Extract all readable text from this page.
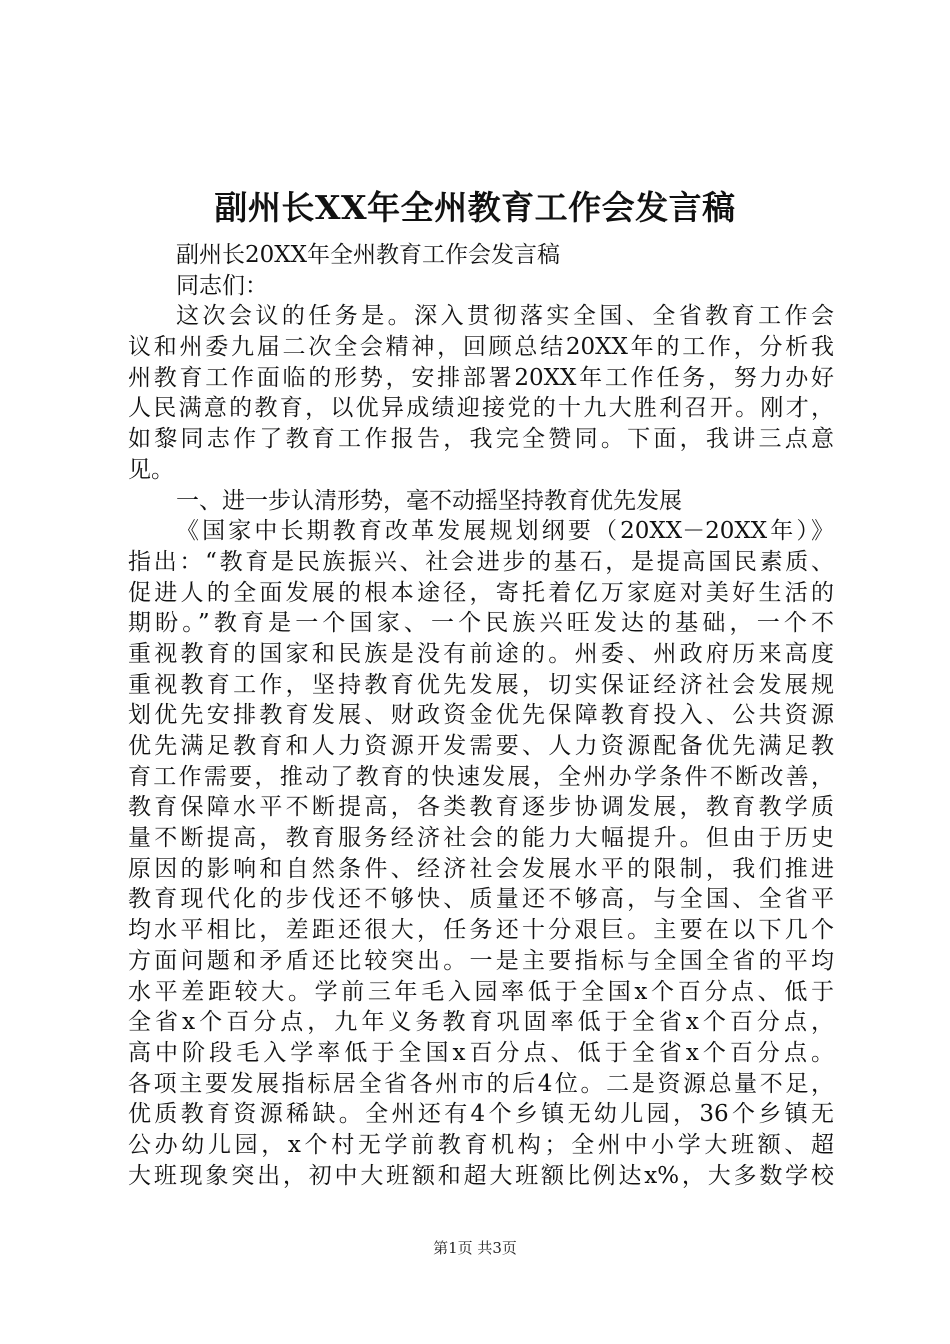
副州长XX年全州教育工作会发言稿
副州长20XX年全州教育工作会发言稿
同志们：
这次会议的任务是。深入贯彻落实全国、全省教育工作会
议和州委九届二次全会精神，回顾总结20XX年的工作，分析我
州教育工作面临的形势，安排部署20XX年工作任务，努力办好
人民满意的教育，以优异成绩迎接党的十九大胜利召开。刚才，
如黎同志作了教育工作报告，我完全赞同。下面，我讲三点意
见。
一、进一步认清形势，毫不动摇坚持教育优先发展
《国家中长期教育改革发展规划纲要（20XX－20XX年）》
指出：“教育是民族振兴、社会进步的基石，是提高国民素质、
促进人的全面发展的根本途径，寄托着亿万家庭对美好生活的
期盼。”教育是一个国家、一个民族兴旺发达的基础，一个不
重视教育的国家和民族是没有前途的。州委、州政府历来高度
重视教育工作，坚持教育优先发展，切实保证经济社会发展规
划优先安排教育发展、财政资金优先保障教育投入、公共资源
优先满足教育和人力资源开发需要、人力资源配备优先满足教
育工作需要，推动了教育的快速发展，全州办学条件不断改善，
教育保障水平不断提高，各类教育逐步协调发展，教育教学质
量不断提高，教育服务经济社会的能力大幅提升。但由于历史
原因的影响和自然条件、经济社会发展水平的限制，我们推进
教育现代化的步伐还不够快、质量还不够高，与全国、全省平
均水平相比，差距还很大，任务还十分艰巨。主要在以下几个
方面问题和矛盾还比较突出。一是主要指标与全国全省的平均
水平差距较大。学前三年毛入园率低于全国x个百分点、低于
全省x个百分点，九年义务教育巩固率低于全省x个百分点，
高中阶段毛入学率低于全国x百分点、低于全省x个百分点。
各项主要发展指标居全省各州市的后4位。二是资源总量不足，
优质教育资源稀缺。全州还有4个乡镇无幼儿园，36个乡镇无
公办幼儿园，x个村无学前教育机构；全州中小学大班额、超
大班现象突出，初中大班额和超大班额比例达x%，大多数学校
第1页 共3页
